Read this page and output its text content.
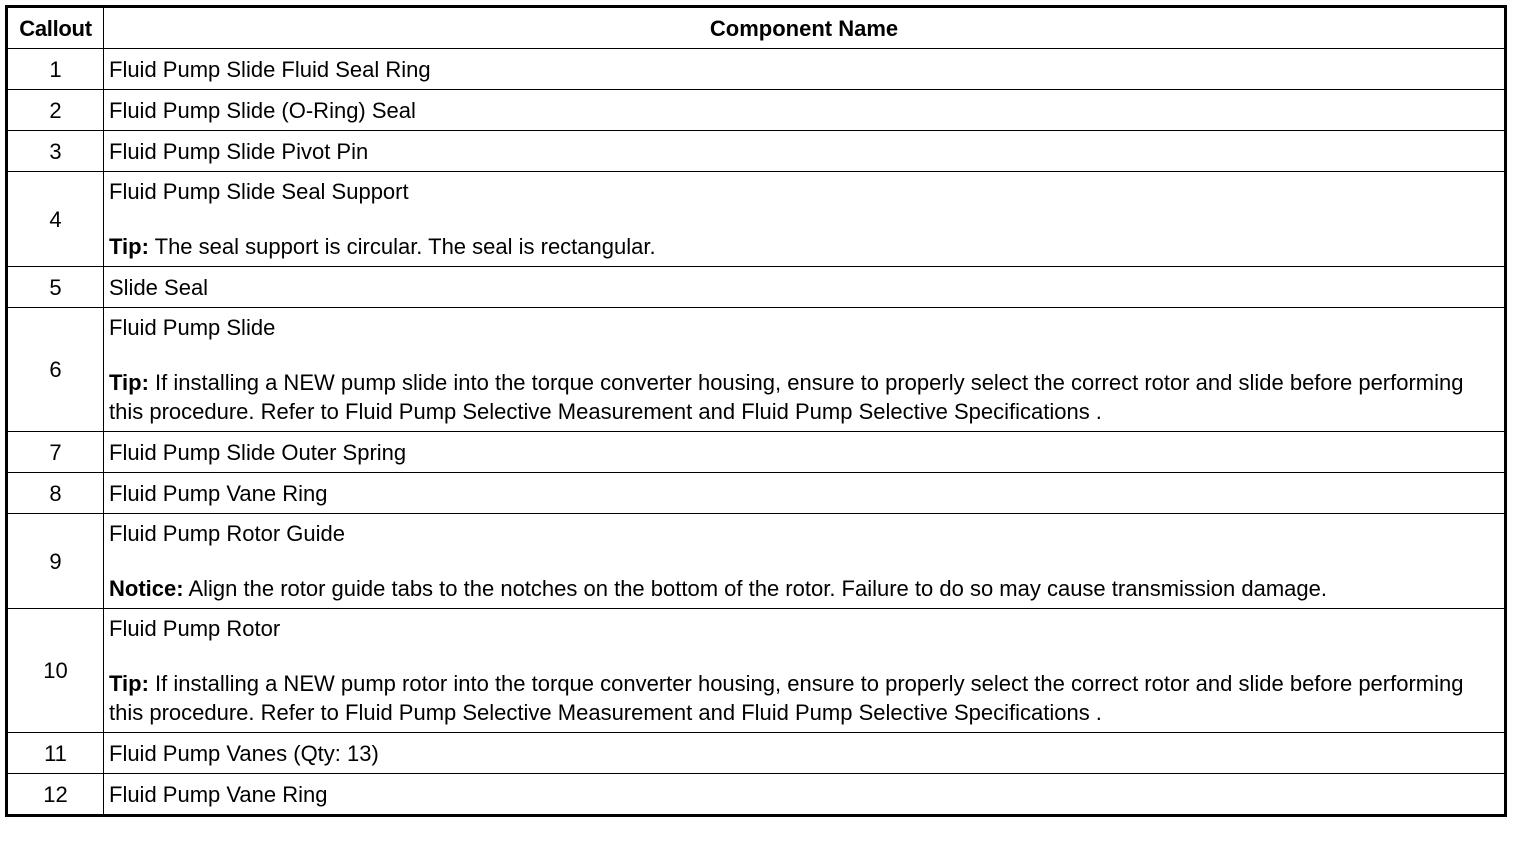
Callout	Component Name
1	Fluid Pump Slide Fluid Seal Ring
2	Fluid Pump Slide (O-Ring) Seal
3	Fluid Pump Slide Pivot Pin
4	Fluid Pump Slide Seal Support
Tip: The seal support is circular. The seal is rectangular.

5	Slide Seal
6	Fluid Pump Slide
Tip: If installing a NEW pump slide into the torque converter housing, ensure to properly select the correct rotor and slide before performing this procedure. Refer to Fluid Pump Selective Measurement and Fluid Pump Selective Specifications .

7	Fluid Pump Slide Outer Spring
8	Fluid Pump Vane Ring
9	Fluid Pump Rotor Guide
Notice: Align the rotor guide tabs to the notches on the bottom of the rotor. Failure to do so may cause transmission damage.

10	Fluid Pump Rotor
Tip: If installing a NEW pump rotor into the torque converter housing, ensure to properly select the correct rotor and slide before performing this procedure. Refer to Fluid Pump Selective Measurement and Fluid Pump Selective Specifications .

11	Fluid Pump Vanes (Qty: 13)
12	Fluid Pump Vane Ring
